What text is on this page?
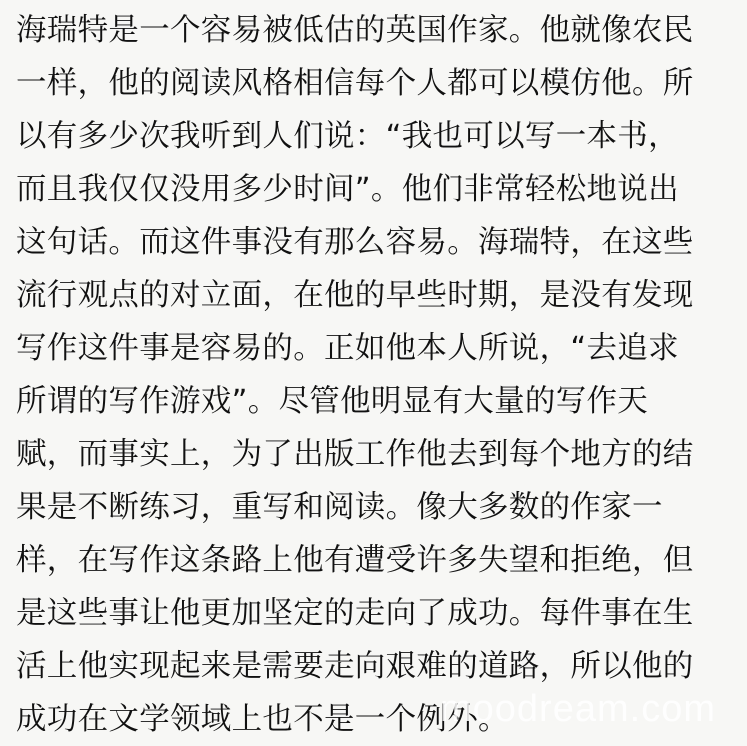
海瑞特是一个容易被低估的英国作家。他就像农民
一样，他的阅读风格相信每个人都可以模仿他。所
以有多少次我听到人们说：“我也可以写一本书，
而且我仅仅没用多少时间”。他们非常轻松地说出
这句话。而这件事没有那么容易。海瑞特，在这些
流行观点的对立面，在他的早些时期，是没有发现
写作这件事是容易的。正如他本人所说，“去追求
所谓的写作游戏”。尽管他明显有大量的写作天
赋，而事实上，为了出版工作他去到每个地方的结
果是不断练习，重写和阅读。像大多数的作家一
样，在写作这条路上他有遭受许多失望和拒绝，但
是这些事让他更加坚定的走向了成功。每件事在生
活上他实现起来是需要走向艰难的道路，所以他的
成功在文学领域上也不是一个例外。
moodream.com
